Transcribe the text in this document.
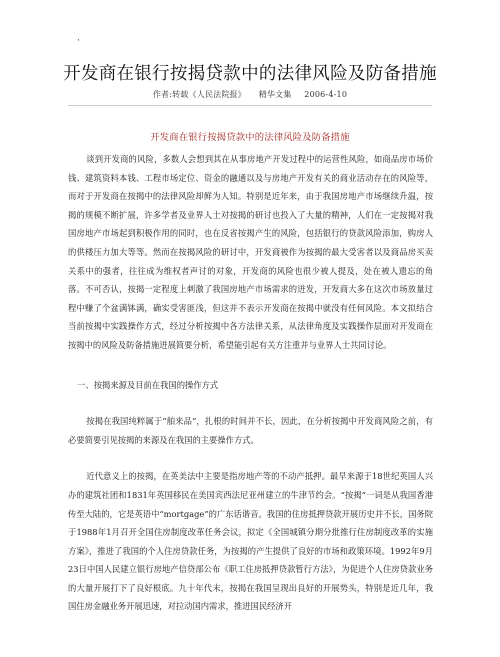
·
开发商在银行按揭贷款中的法律风险及防备措施
作者:转载《人民法院报》 精华文集 2006-4-10
开发商在银行按揭贷款中的法律风险及防备措施

谈到开发商的风险，多数人会想到其在从事房地产开发过程中的运营性风险，如商品房市场价钱、建筑资料本钱、工程市场定位、资金的融通以及与房地产开发有关的商业活动存在的风险等，而对于开发商在按揭中的法律风险却鲜为人知。特别是近年来，由于我国房地产市场继续升温，按揭的规模不断扩展，许多学者及业界人士对按揭的研讨也投入了大量的精神，人们在一定按揭对我国房地产市场起到积极作用的同时，也在反省按揭产生的风险，包括银行的贷款风险添加，购房人的供楼压力加大等等。然而在按揭风险的研讨中，开发商被作为按揭的最大受害者以及商品房买卖关系中的强者，往往成为维权者声讨的对象，开发商的风险也很少被人提及，处在被人遗忘的角落。不可否认，按揭一定程度上刺激了我国房地产市场需求的迸发，开发商大多在这次市场放量过程中赚了个盆满钵满，确实受害匪浅，但这并不表示开发商在按揭中就没有任何风险。本文拟结合当前按揭中实践操作方式，经过分析按揭中各方法律关系，从法律角度及实践操作层面对开发商在按揭中的风险及防备措施进展简要分析，希望能引起有关方注重并与业界人士共同讨论。

一、按揭来源及目前在我国的操作方式

按揭在我国纯粹属于“舶来品”，扎根的时间并不长，因此，在分析按揭中开发商风险之前，有必要简要引见按揭的来源及在我国的主要操作方式。

近代意义上的按揭，在英美法中主要是指房地产等的不动产抵押。最早来源于18世纪英国人兴办的建筑社团和1831年英国移民在美国宾西法尼亚州建立的牛津节约会。“按揭”一词是从我国香港传至大陆的，它是英语中“mortgage”的广东话谐音。我国的住房抵押贷款开展历史并不长，国务院于1988年1月召开全国住房制度改革任务会议，拟定《全国城镇分期分批推行住房制度改革的实施方案》，推进了我国的个人住房贷款任务，为按揭的产生提供了良好的市场和政策环境。1992年9月23日中国人民建立银行房地产信贷部公布《职工住房抵押贷款暂行方法》，为促进个人住房贷款业务的大量开展打下了良好根底。九十年代末，按揭在我国呈现出良好的开展势头，特别是近几年，我国住房金融业务开展迅速，对拉动国内需求，推进国民经济开
